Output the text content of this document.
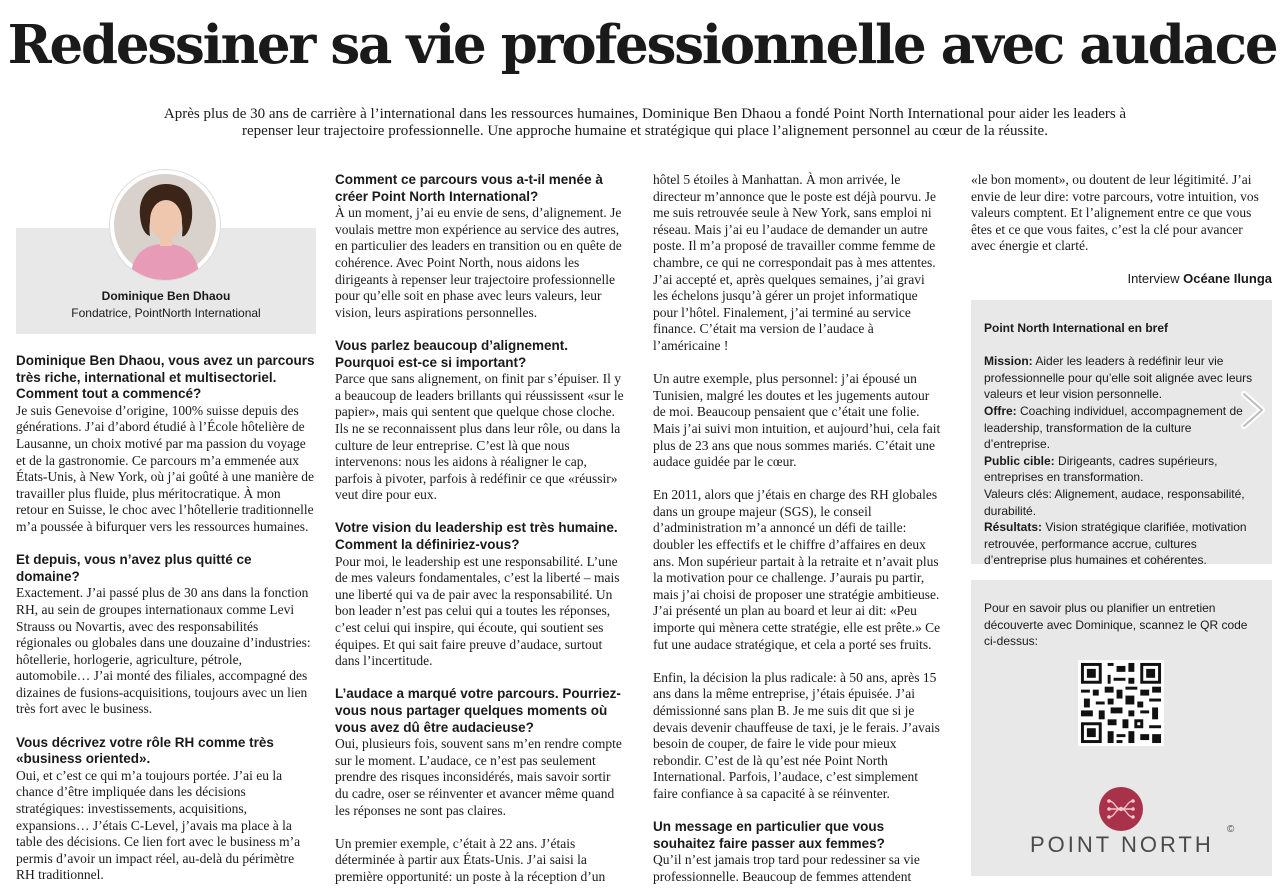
Redessiner sa vie professionnelle avec audace

Après plus de 30 ans de carrière à l’international dans les ressources humaines, Dominique Ben Dhaou a fondé Point North International pour aider les leaders à repenser leur trajectoire professionnelle. Une approche humaine et stratégique qui place l’alignement personnel au cœur de la réussite.

Dominique Ben Dhaou
Fondatrice, PointNorth International

Dominique Ben Dhaou, vous avez un parcours très riche, international et multisectoriel. Comment tout a commencé?

Je suis Genevoise d’origine, 100% suisse depuis des générations. J’ai d’abord étudié à l’École hôtelière de Lausanne, un choix motivé par ma passion du voyage et de la gastronomie. Ce parcours m’a emmenée aux États-Unis, à New York, où j’ai goûté à une manière de travailler plus fluide, plus méritocratique. À mon retour en Suisse, le choc avec l’hôtellerie traditionnelle m’a poussée à bifurquer vers les ressources humaines.

Et depuis, vous n’avez plus quitté ce domaine?

Exactement. J’ai passé plus de 30 ans dans la fonction RH, au sein de groupes internationaux comme Levi Strauss ou Novartis, avec des responsabilités régionales ou globales dans une douzaine d’industries: hôtellerie, horlogerie, agriculture, pétrole, automobile… J’ai monté des filiales, accompagné des dizaines de fusions-acquisitions, toujours avec un lien très fort avec le business.

Vous décrivez votre rôle RH comme très «business oriented».

Oui, et c’est ce qui m’a toujours portée. J’ai eu la chance d’être impliquée dans les décisions stratégiques: investissements, acquisitions, expansions… J’étais C-Level, j’avais ma place à la table des décisions. Ce lien fort avec le business m’a permis d’avoir un impact réel, au-delà du périmètre RH traditionnel.

Comment ce parcours vous a-t-il menée à créer Point North International?

À un moment, j’ai eu envie de sens, d’alignement. Je voulais mettre mon expérience au service des autres, en particulier des leaders en transition ou en quête de cohérence. Avec Point North, nous aidons les dirigeants à repenser leur trajectoire professionnelle pour qu’elle soit en phase avec leurs valeurs, leur vision, leurs aspirations personnelles.

Vous parlez beaucoup d’alignement. Pourquoi est-ce si important?

Parce que sans alignement, on finit par s’épuiser. Il y a beaucoup de leaders brillants qui réussissent «sur le papier», mais qui sentent que quelque chose cloche. Ils ne se reconnaissent plus dans leur rôle, ou dans la culture de leur entreprise. C’est là que nous intervenons: nous les aidons à réaligner le cap, parfois à pivoter, parfois à redéfinir ce que «réussir» veut dire pour eux.

Votre vision du leadership est très humaine. Comment la définiriez-vous?

Pour moi, le leadership est une responsabilité. L’une de mes valeurs fondamentales, c’est la liberté – mais une liberté qui va de pair avec la responsabilité. Un bon leader n’est pas celui qui a toutes les réponses, c’est celui qui inspire, qui écoute, qui soutient ses équipes. Et qui sait faire preuve d’audace, surtout dans l’incertitude.

L’audace a marqué votre parcours. Pourriez-vous nous partager quelques moments où vous avez dû être audacieuse?

Oui, plusieurs fois, souvent sans m’en rendre compte sur le moment. L’audace, ce n’est pas seulement prendre des risques inconsidérés, mais savoir sortir du cadre, oser se réinventer et avancer même quand les réponses ne sont pas claires.

Un premier exemple, c’était à 22 ans. J’étais déterminée à partir aux États-Unis. J’ai saisi la première opportunité: un poste à la réception d’un

hôtel 5 étoiles à Manhattan. À mon arrivée, le directeur m’annonce que le poste est déjà pourvu. Je me suis retrouvée seule à New York, sans emploi ni réseau. Mais j’ai eu l’audace de demander un autre poste. Il m’a proposé de travailler comme femme de chambre, ce qui ne correspondait pas à mes attentes. J’ai accepté et, après quelques semaines, j’ai gravi les échelons jusqu’à gérer un projet informatique pour l’hôtel. Finalement, j’ai terminé au service finance. C’était ma version de l’audace à l’américaine !

Un autre exemple, plus personnel: j’ai épousé un Tunisien, malgré les doutes et les jugements autour de moi. Beaucoup pensaient que c’était une folie. Mais j’ai suivi mon intuition, et aujourd’hui, cela fait plus de 23 ans que nous sommes mariés. C’était une audace guidée par le cœur.

En 2011, alors que j’étais en charge des RH globales dans un groupe majeur (SGS), le conseil d’administration m’a annoncé un défi de taille: doubler les effectifs et le chiffre d’affaires en deux ans. Mon supérieur partait à la retraite et n’avait plus la motivation pour ce challenge. J’aurais pu partir, mais j’ai choisi de proposer une stratégie ambitieuse. J’ai présenté un plan au board et leur ai dit: «Peu importe qui mènera cette stratégie, elle est prête.» Ce fut une audace stratégique, et cela a porté ses fruits.

Enfin, la décision la plus radicale: à 50 ans, après 15 ans dans la même entreprise, j’étais épuisée. J’ai démissionné sans plan B. Je me suis dit que si je devais devenir chauffeuse de taxi, je le ferais. J’avais besoin de couper, de faire le vide pour mieux rebondir. C’est de là qu’est née Point North International. Parfois, l’audace, c’est simplement faire confiance à sa capacité à se réinventer.

Un message en particulier que vous souhaitez faire passer aux femmes?

Qu’il n’est jamais trop tard pour redessiner sa vie professionnelle. Beaucoup de femmes attendent

«le bon moment», ou doutent de leur légitimité. J’ai envie de leur dire: votre parcours, votre intuition, vos valeurs comptent. Et l’alignement entre ce que vous êtes et ce que vous faites, c’est la clé pour avancer avec énergie et clarté.

Interview Océane Ilunga

Point North International en bref

Mission: Aider les leaders à redéfinir leur vie professionnelle pour qu’elle soit alignée avec leurs valeurs et leur vision personnelle.

Offre: Coaching individuel, accompagnement de leadership, transformation de la culture d’entreprise.

Public cible: Dirigeants, cadres supérieurs, entreprises en transformation.

Valeurs clés: Alignement, audace, responsabilité, durabilité.

Résultats: Vision stratégique clarifiée, motivation retrouvée, performance accrue, cultures d’entreprise plus humaines et cohérentes.

Pour en savoir plus ou planifier un entretien découverte avec Dominique, scannez le QR code ci-dessus:

POINT NORTH
©
